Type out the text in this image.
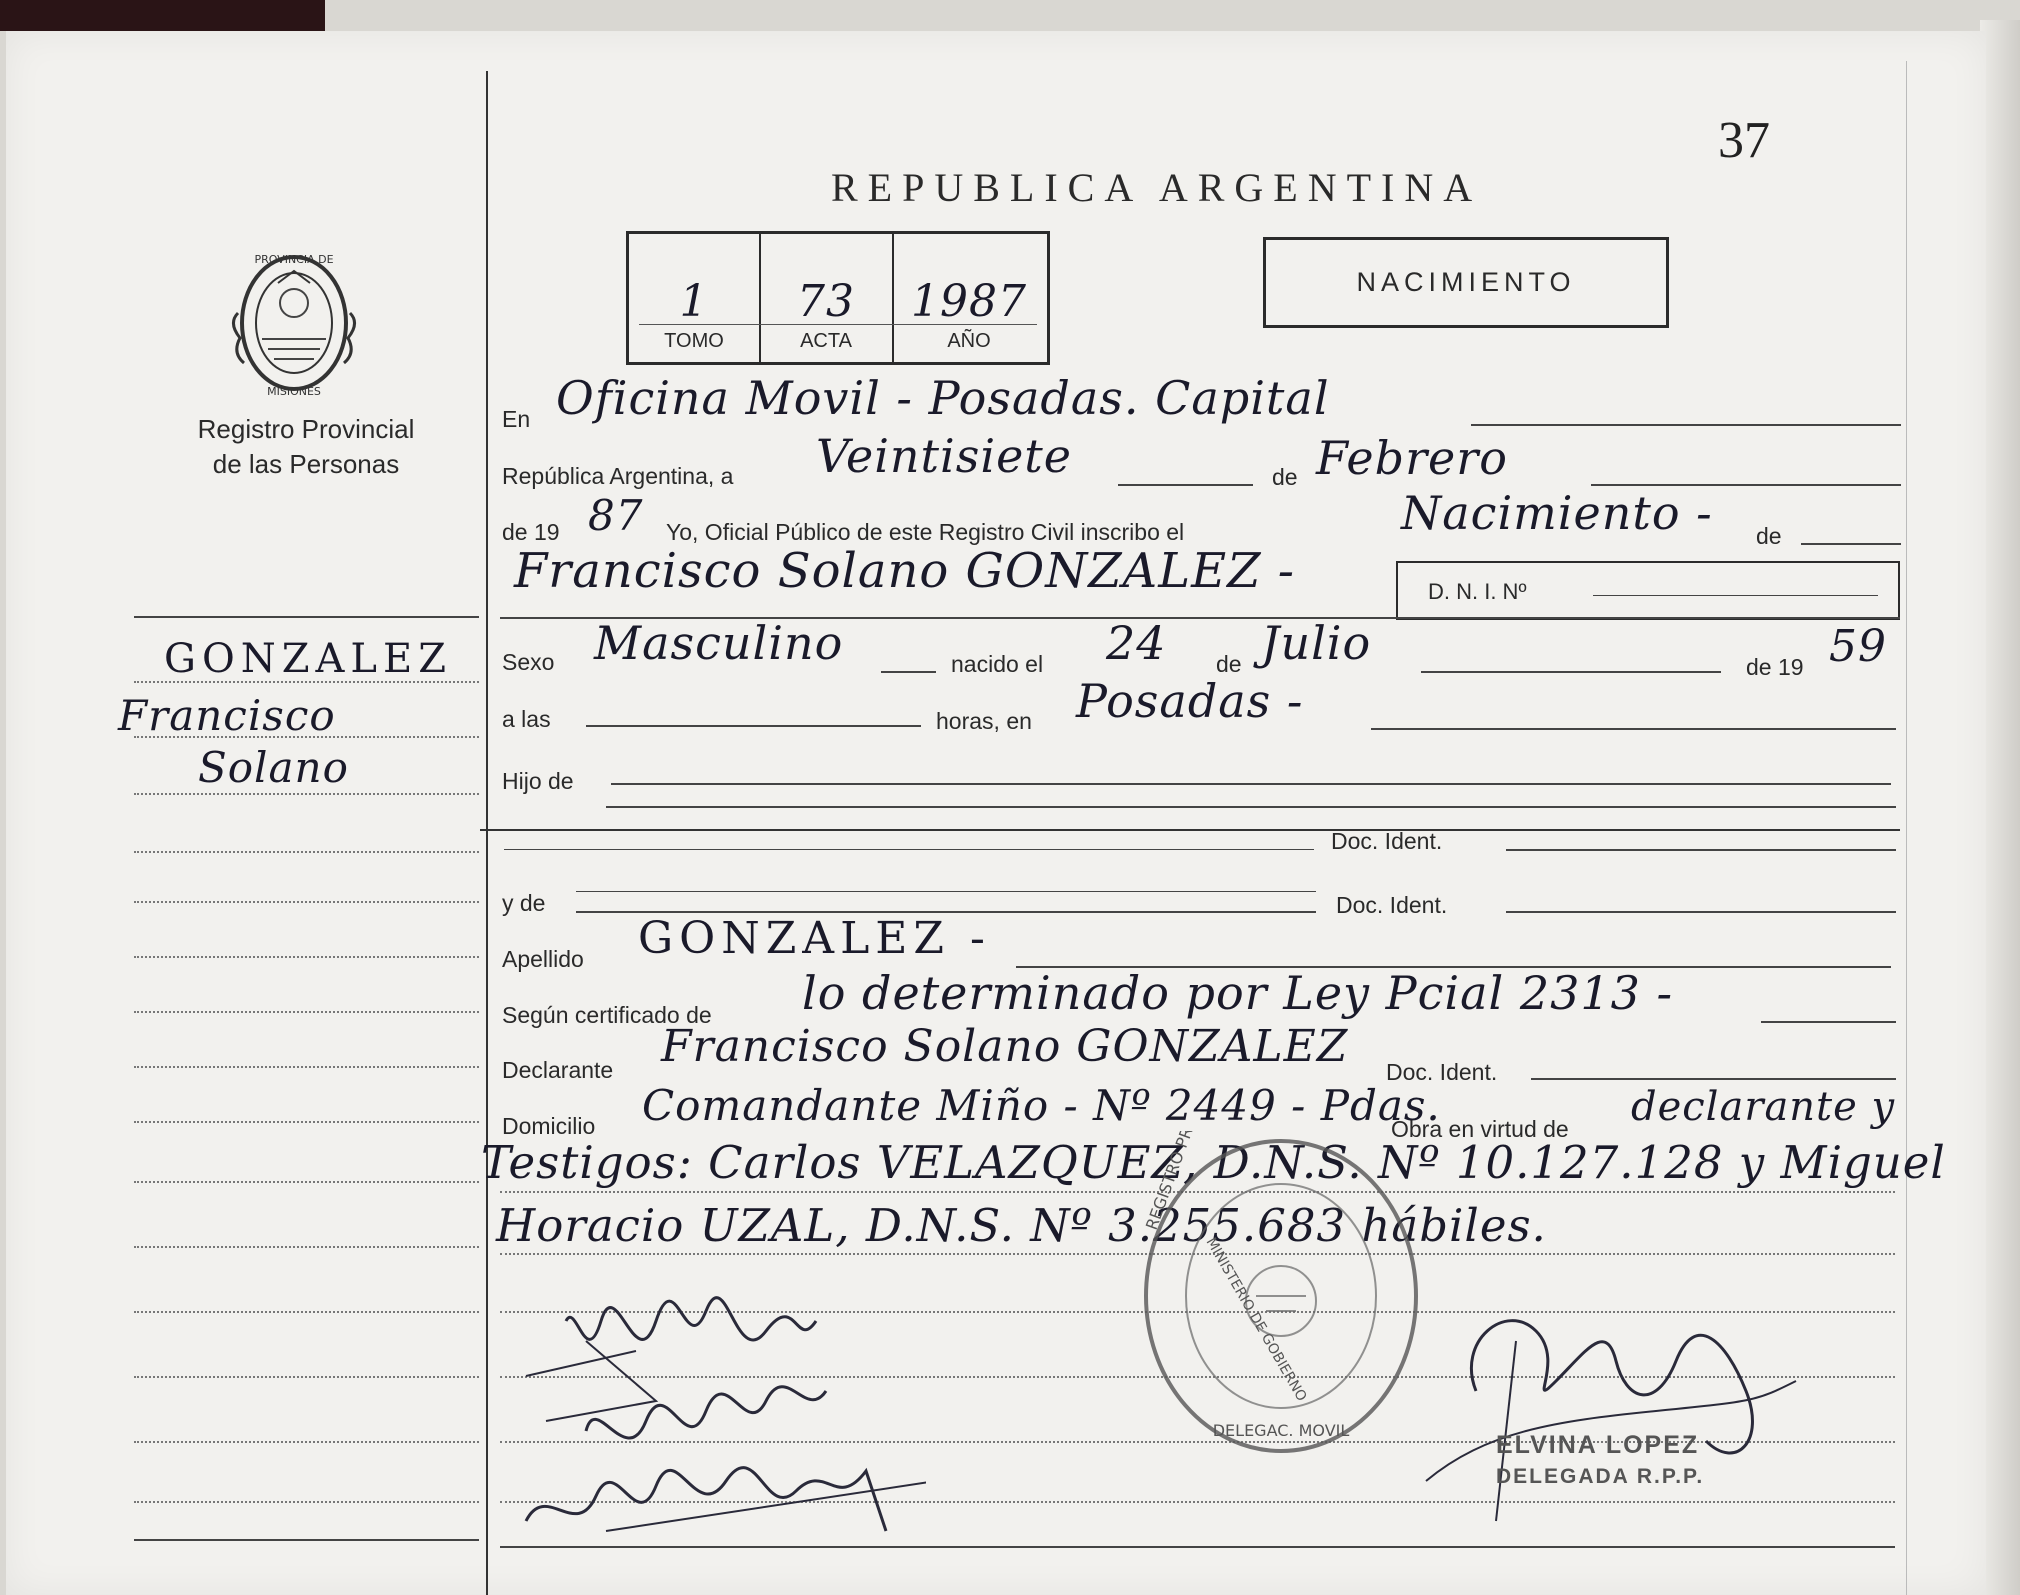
37
REPUBLICA ARGENTINA
1	73	1987
TOMO	ACTA	AÑO
NACIMIENTO
PROVINCIA DE
MISIONES
Registro Provincial
de las Personas
GONZALEZ
Francisco
Solano
En Oficina Movil - Posadas. Capital
República Argentina, a Veintisiete	de Febrero
de 19 87 Yo, Oficial Público de este Registro Civil inscribo el	Nacimiento - de
Francisco Solano GONZALEZ -	D. N. I. Nº
Sexo Masculino	nacido el 24 de Julio	de 19 59
a las	horas, en Posadas -
Hijo de
Doc. Ident.
y de	Doc. Ident.
Apellido GONZALEZ -
Según certificado de lo determinado por Ley Pcial 2313 -
Declarante Francisco Solano GONZALEZ Doc. Ident.
Domicilio Comandante Miño - Nº 2449 - Pdas.
Obra en virtud de declarante y
Testigos: Carlos VELAZQUEZ, D.N.S. Nº 10.127.128 y Miguel
Horacio UZAL, D.N.S. Nº 3.255.683 hábiles.
REGISTRO PROVINCIAL
MINISTERIO DE GOBIERNO
DELEGAC. MOVIL
ELVINA LOPEZ
DELEGADA R.P.P.
